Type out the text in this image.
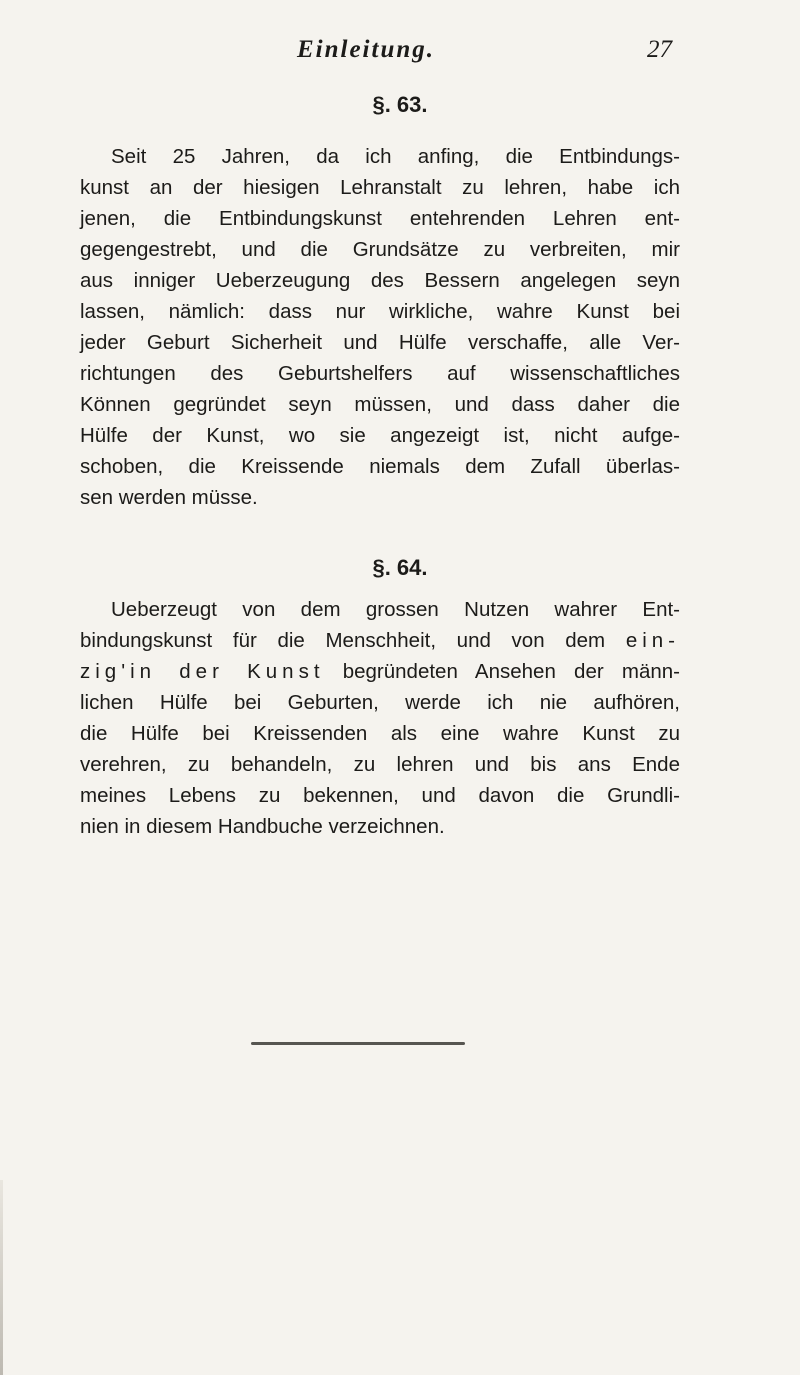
Einleitung.	27
§. 63.
Seit 25 Jahren, da ich anfing, die Entbindungs-
kunst an der hiesigen Lehranstalt zu lehren, habe ich
jenen, die Entbindungskunst entehrenden Lehren ent-
gegengestrebt, und die Grundsätze zu verbreiten, mir
aus inniger Ueberzeugung des Bessern angelegen seyn
lassen, nämlich: dass nur wirkliche, wahre Kunst bei
jeder Geburt Sicherheit und Hülfe verschaffe, alle Ver-
richtungen des Geburtshelfers auf wissenschaftliches
Können gegründet seyn müssen, und dass daher die
Hülfe der Kunst, wo sie angezeigt ist, nicht aufge-
schoben, die Kreissende niemals dem Zufall überlas-
sen werden müsse.
§. 64.
Ueberzeugt von dem grossen Nutzen wahrer Ent-
bindungskunst für die Menschheit, und von dem ein-
zig'in der Kunst begründeten Ansehen der männ-
lichen Hülfe bei Geburten, werde ich nie aufhören,
die Hülfe bei Kreissenden als eine wahre Kunst zu
verehren, zu behandeln, zu lehren und bis ans Ende
meines Lebens zu bekennen, und davon die Grundli-
nien in diesem Handbuche verzeichnen.
